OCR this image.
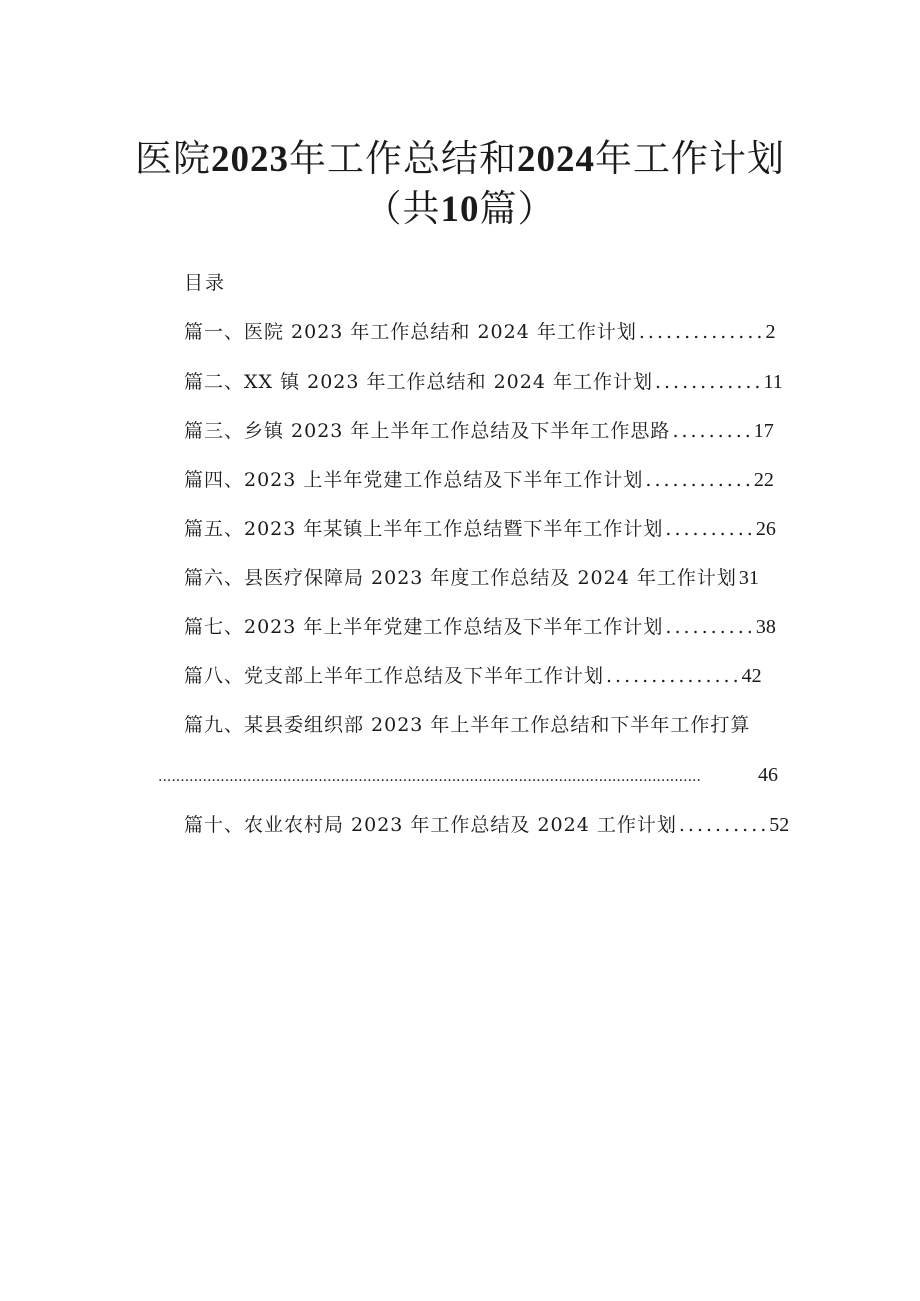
医院2023年工作总结和2024年工作计划
（共10篇）
目录
篇一、医院 2023 年工作总结和 2024 年工作计划 .............. 2
篇二、XX 镇 2023 年工作总结和 2024 年工作计划 ............ 11
篇三、乡镇 2023 年上半年工作总结及下半年工作思路 ......... 17
篇四、2023 上半年党建工作总结及下半年工作计划 ............ 22
篇五、2023 年某镇上半年工作总结暨下半年工作计划 .......... 26
篇六、县医疗保障局 2023 年度工作总结及 2024 年工作计划 31
篇七、2023 年上半年党建工作总结及下半年工作计划 .......... 38
篇八、党支部上半年工作总结及下半年工作计划 ............... 42
篇九、某县委组织部 2023 年上半年工作总结和下半年工作打算
..........................................................................................................................	46
篇十、农业农村局 2023 年工作总结及 2024 工作计划 .......... 52
